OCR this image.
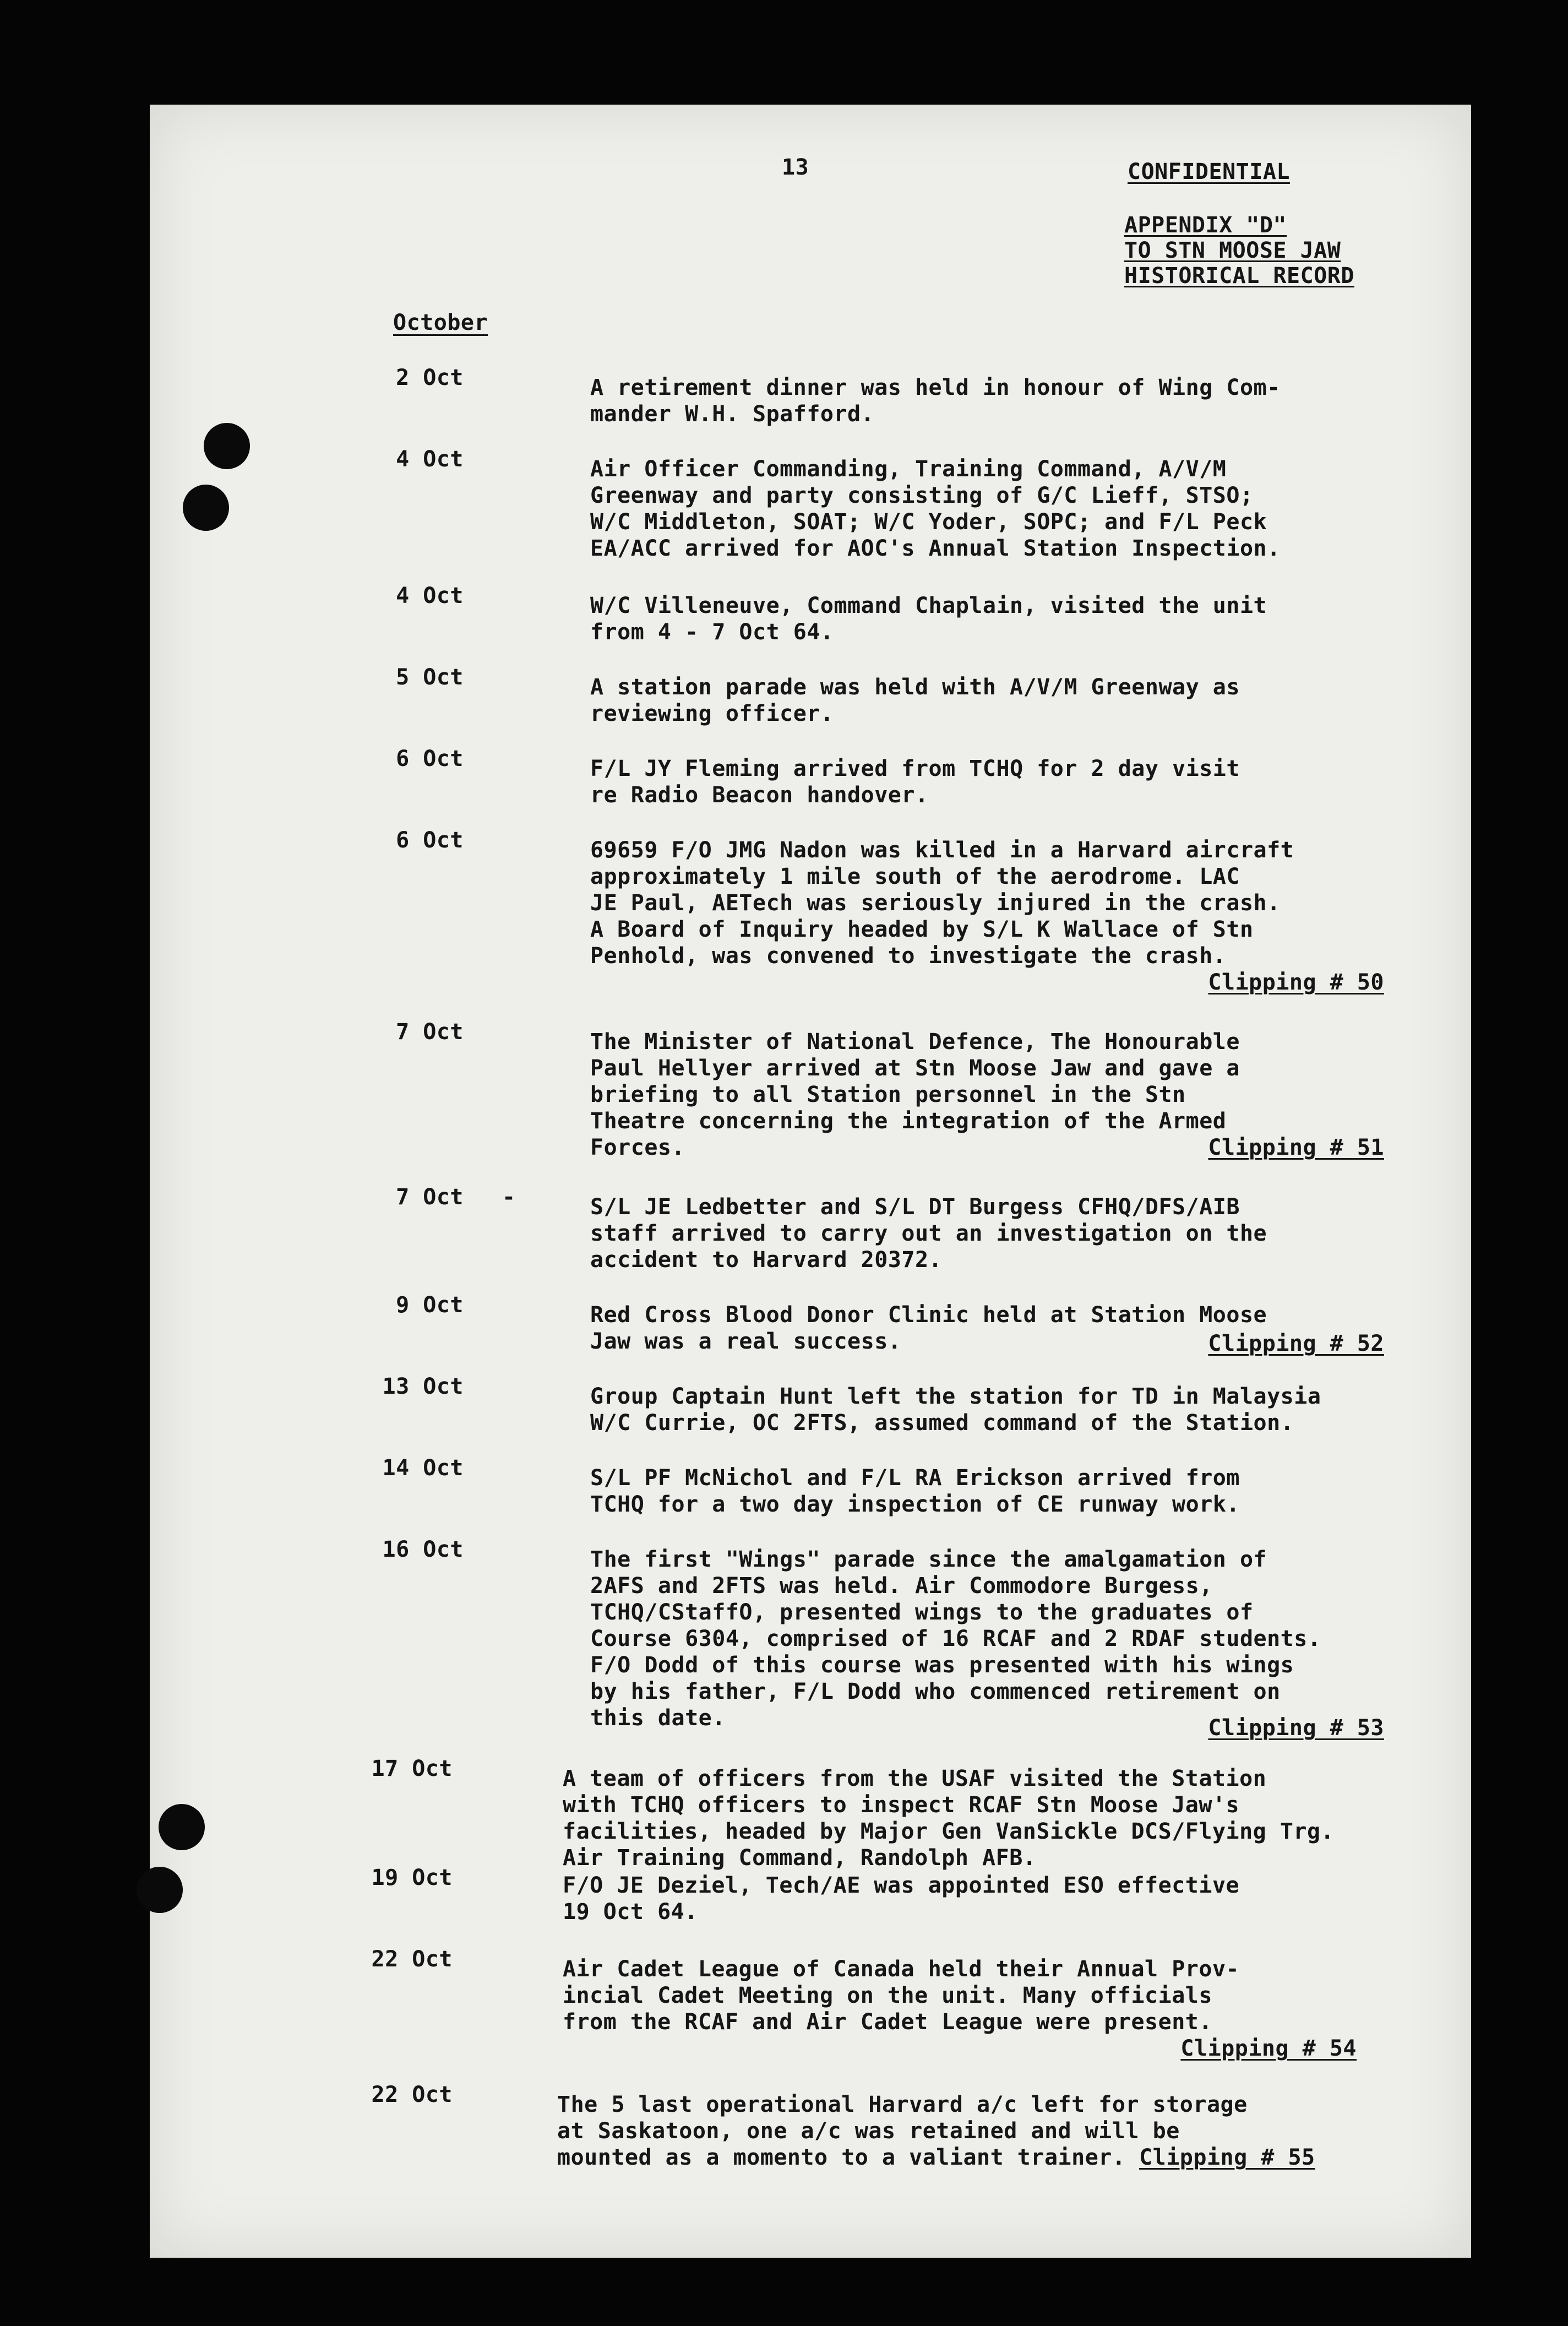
13	CONFIDENTIAL
APPENDIX "D"
TO STN MOOSE JAW
HISTORICAL RECORD
October
2 Oct	A retirement dinner was held in honour of Wing Com-
mander W.H. Spafford.
4 Oct	Air Officer Commanding, Training Command, A/V/M
Greenway and party consisting of G/C Lieff, STSO;
W/C Middleton, SOAT; W/C Yoder, SOPC; and F/L Peck
EA/ACC arrived for AOC's Annual Station Inspection.
4 Oct	W/C Villeneuve, Command Chaplain, visited the unit
from 4 - 7 Oct 64.
5 Oct	A station parade was held with A/V/M Greenway as
reviewing officer.
6 Oct	F/L JY Fleming arrived from TCHQ for 2 day visit
re Radio Beacon handover.
6 Oct	69659 F/O JMG Nadon was killed in a Harvard aircraft
approximately 1 mile south of the aerodrome. LAC
JE Paul, AETech was seriously injured in the crash.
A Board of Inquiry headed by S/L K Wallace of Stn
Penhold, was convened to investigate the crash.
Clipping # 50
7 Oct	The Minister of National Defence, The Honourable
Paul Hellyer arrived at Stn Moose Jaw and gave a
briefing to all Station personnel in the Stn
Theatre concerning the integration of the Armed
Forces.	Clipping # 51
7 Oct -	S/L JE Ledbetter and S/L DT Burgess CFHQ/DFS/AIB
staff arrived to carry out an investigation on the
accident to Harvard 20372.
9 Oct	Red Cross Blood Donor Clinic held at Station Moose
Jaw was a real success.	Clipping # 52
13 Oct	Group Captain Hunt left the station for TD in Malaysia
W/C Currie, OC 2FTS, assumed command of the Station.
14 Oct	S/L PF McNichol and F/L RA Erickson arrived from
TCHQ for a two day inspection of CE runway work.
16 Oct	The first "Wings" parade since the amalgamation of
2AFS and 2FTS was held. Air Commodore Burgess,
TCHQ/CStaffO, presented wings to the graduates of
Course 6304, comprised of 16 RCAF and 2 RDAF students.
F/O Dodd of this course was presented with his wings
by his father, F/L Dodd who commenced retirement on
this date.	Clipping # 53
17 Oct	A team of officers from the USAF visited the Station
with TCHQ officers to inspect RCAF Stn Moose Jaw's
facilities, headed by Major Gen VanSickle DCS/Flying Trg.
Air Training Command, Randolph AFB.
19 Oct	F/O JE Deziel, Tech/AE was appointed ESO effective
19 Oct 64.
22 Oct	Air Cadet League of Canada held their Annual Prov-
incial Cadet Meeting on the unit. Many officials
from the RCAF and Air Cadet League were present.
Clipping # 54
22 Oct	The 5 last operational Harvard a/c left for storage
at Saskatoon, one a/c was retained and will be
mounted as a momento to a valiant trainer. Clipping # 55
